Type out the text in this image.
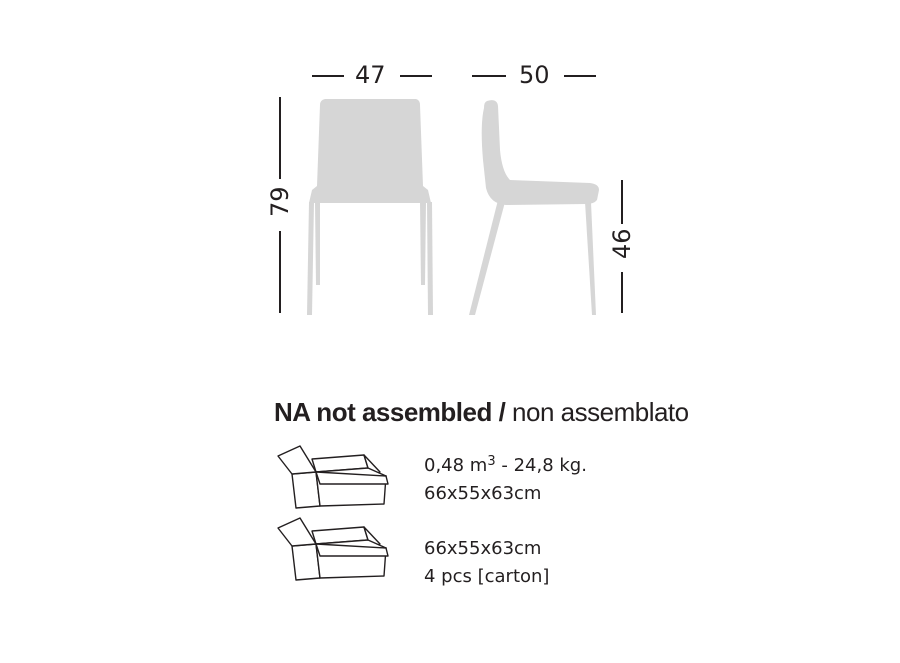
47	50
79
46
NA not assembled / non assemblato
0,48 $m^3 - 24,8$ kg.
66x55x63cm
66x55x63cm
4 pcs [carton]
